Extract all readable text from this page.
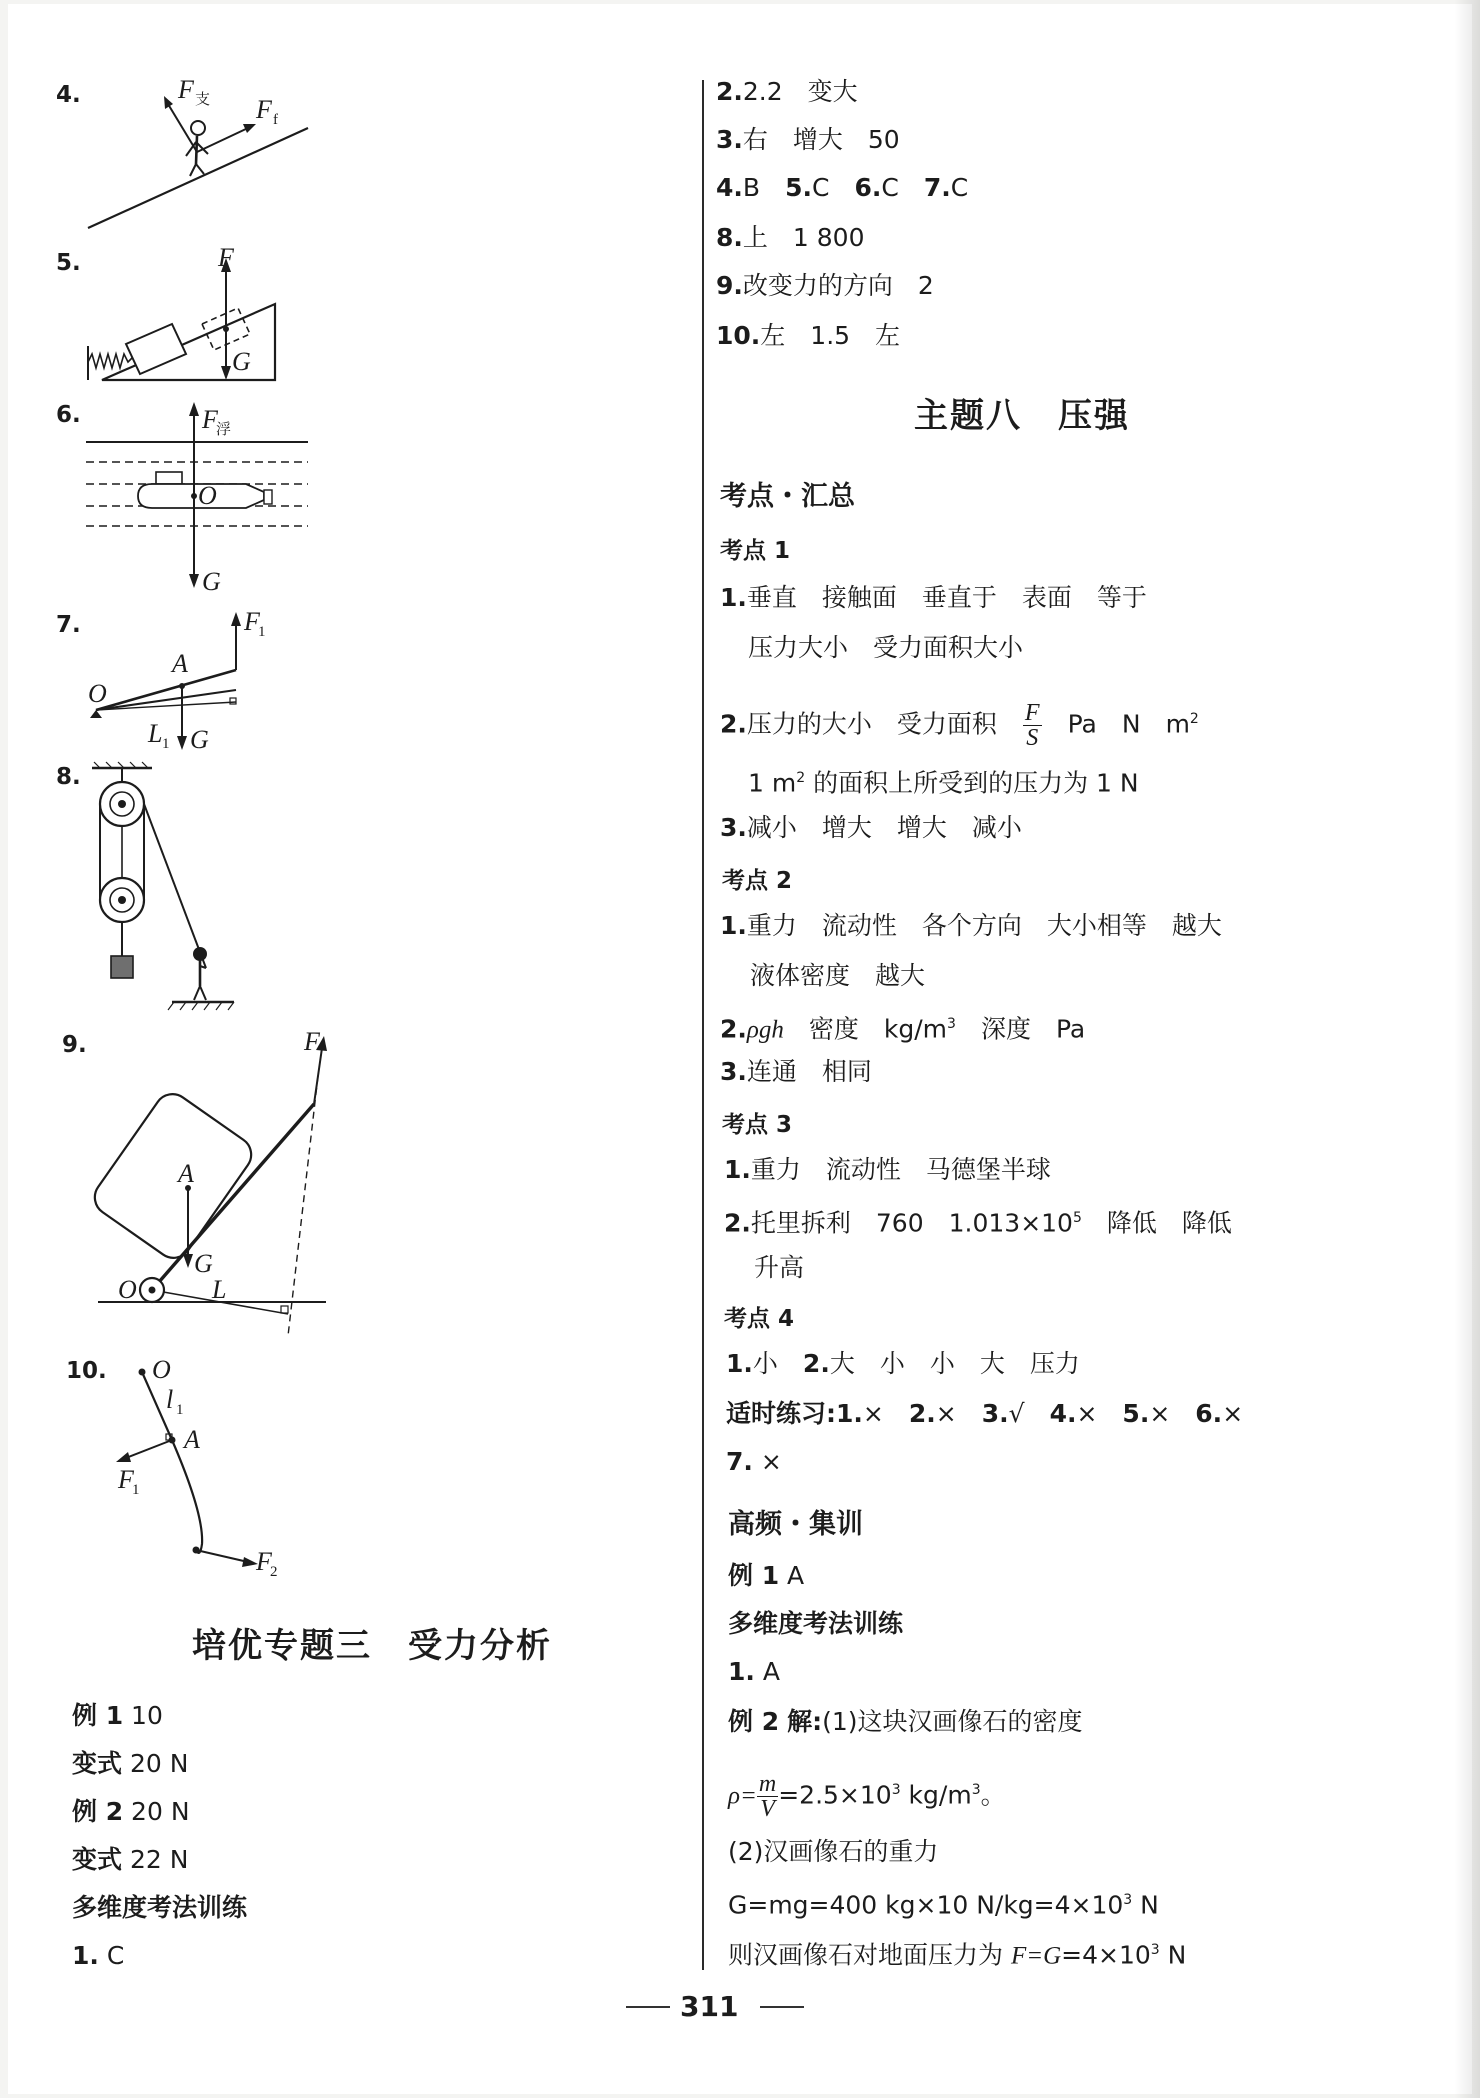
4.	F 支 F f
5.	F
G
6.	F
浮
O
G
7.	F
1
A
O
L 1 G
8.
9.	F
A
G
O	L
10. O
l 1
A
F
1
F
2
培优专题三　受力分析
例 1 10
变式 20 N
例 2 20 N
变式 22 N
多维度考法训练
1. C
2.2.2　变大
3.右　增大　50
4.B　5.C　6.C　7.C
8.上　1 800
9.改变力的方向　2
10.左　1.5　左
主题八　压强
考点・汇总
考点 1
1.垂直　接触面　垂直于　表面　等于
压力大小　受力面积大小
2.压力的大小　受力面积 $\frac{F}{S}$ Pa　N　$m^2$
1 $m^2$ 的面积上所受到的压力为 1 N
3.减小　增大　增大　减小
考点 2
1.重力　流动性　各个方向　大小相等　越大
液体密度　越大
2.ρgh　密度　$kg/m^3$　深度　Pa
3.连通　相同
考点 3
1.重力　流动性　马德堡半球
2.托里拆利　760　$1.013\times 10^5$　降低　降低
升高
考点 4
1.小　2.大　小　小　大　压力
适时练习:1.×　2.×　3.√　4.×　5.×　6.×
7. ×
高频・集训
例 1 A
多维度考法训练
1. A
例 2 解:(1)这块汉画像石的密度
$\rho= \frac{m}{V} =2.5\times 10^3$ $kg/m^3$。
(2)汉画像石的重力
G=mg=400 kg×10 $N/kg=4\times 10^3$ N
则汉画像石对地面压力为 $F=G=4\times 10^3$ N
311
